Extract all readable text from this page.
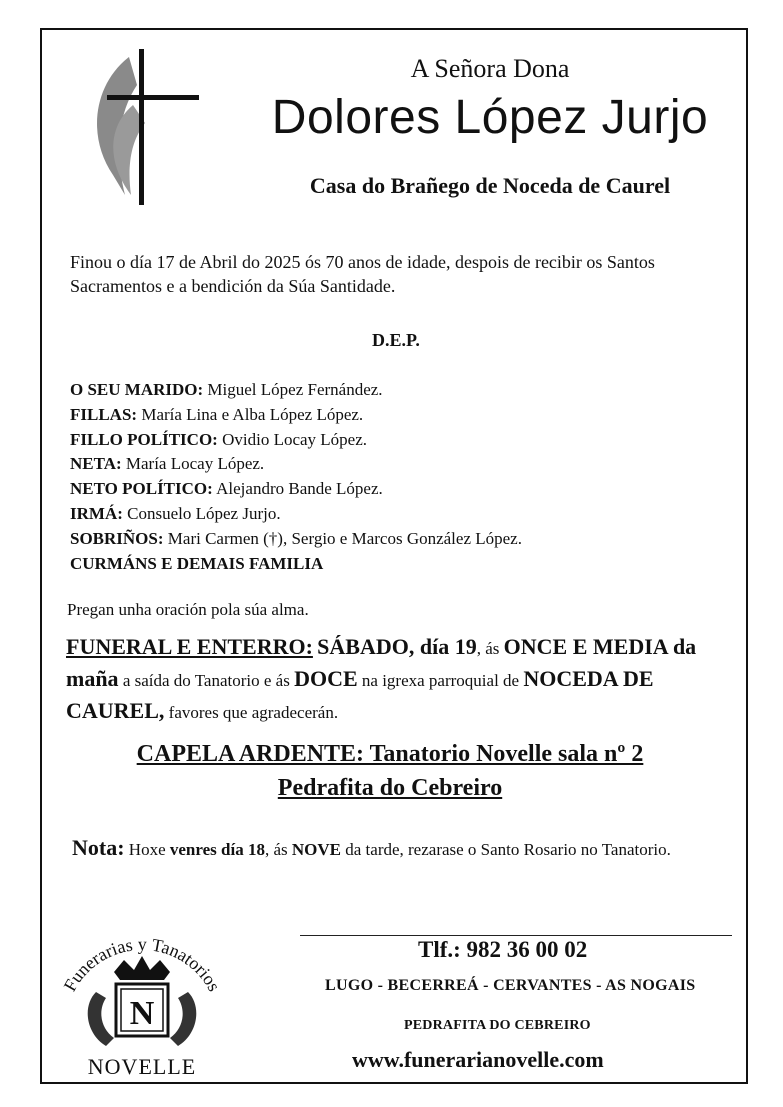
A Señora Dona
Dolores López Jurjo
Casa do Brañego de Noceda de Caurel
Finou o día 17 de Abril do 2025 ós 70 anos de idade, despois de recibir os Santos Sacramentos e a bendición da Súa Santidade.
D.E.P.
O SEU MARIDO: Miguel López Fernández.
FILLAS: María Lina e Alba López López.
FILLO POLÍTICO: Ovidio Locay López.
NETA: María Locay López.
NETO POLÍTICO: Alejandro Bande López.
IRMÁ: Consuelo López Jurjo.
SOBRIÑOS: Mari Carmen (†), Sergio e Marcos González López.
CURMÁNS E DEMAIS FAMILIA
Pregan unha oración pola súa alma.
FUNERAL E ENTERRO: SÁBADO, día 19, ás ONCE E MEDIA da maña a saída do Tanatorio e ás DOCE na igrexa parroquial de NOCEDA DE CAUREL, favores que agradecerán.
CAPELA ARDENTE: Tanatorio Novelle sala nº 2
Pedrafita do Cebreiro
Nota: Hoxe venres día 18, ás NOVE da tarde, rezarase o Santo Rosario no Tanatorio.
Funerarias y Tanatorios
N
NOVELLE
Tlf.: 982 36 00 02
LUGO - BECERREÁ - CERVANTES - AS NOGAIS
PEDRAFITA DO CEBREIRO
www.funerarianovelle.com
